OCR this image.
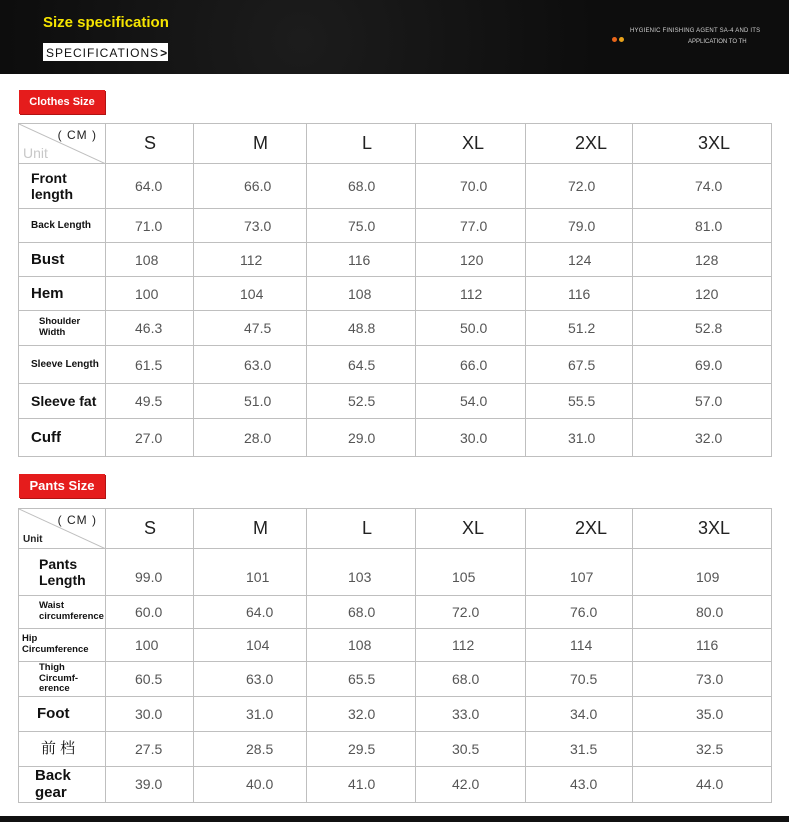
Size specification
SPECIFICATIONS>
HYGIENIC FINISHING AGENT SA-4 AND ITS
APPLICATION TO TH
Clothes Size
( CM )
Unit	S	M	L	XL	2XL	3XL
Front length	64.0	66.0	68.0	70.0	72.0	74.0
Back Length	71.0	73.0	75.0	77.0	79.0	81.0
Bust	108	112	116	120	124	128
Hem	100	104	108	112	116	120
Shoulder Width	46.3	47.5	48.8	50.0	51.2	52.8
Sleeve Length	61.5	63.0	64.5	66.0	67.5	69.0
Sleeve fat	49.5	51.0	52.5	54.0	55.5	57.0
Cuff	27.0	28.0	29.0	30.0	31.0	32.0
Pants Size
( CM )
Unit	S	M	L	XL	2XL	3XL
Pants Length	99.0	101	103	105	107	109
Waist circumference	60.0	64.0	68.0	72.0	76.0	80.0
Hip Circumference	100	104	108	112	114	116
Thigh Circumf-erence	60.5	63.0	65.5	68.0	70.5	73.0
Foot	30.0	31.0	32.0	33.0	34.0	35.0
前 档	27.5	28.5	29.5	30.5	31.5	32.5
Back gear	39.0	40.0	41.0	42.0	43.0	44.0
